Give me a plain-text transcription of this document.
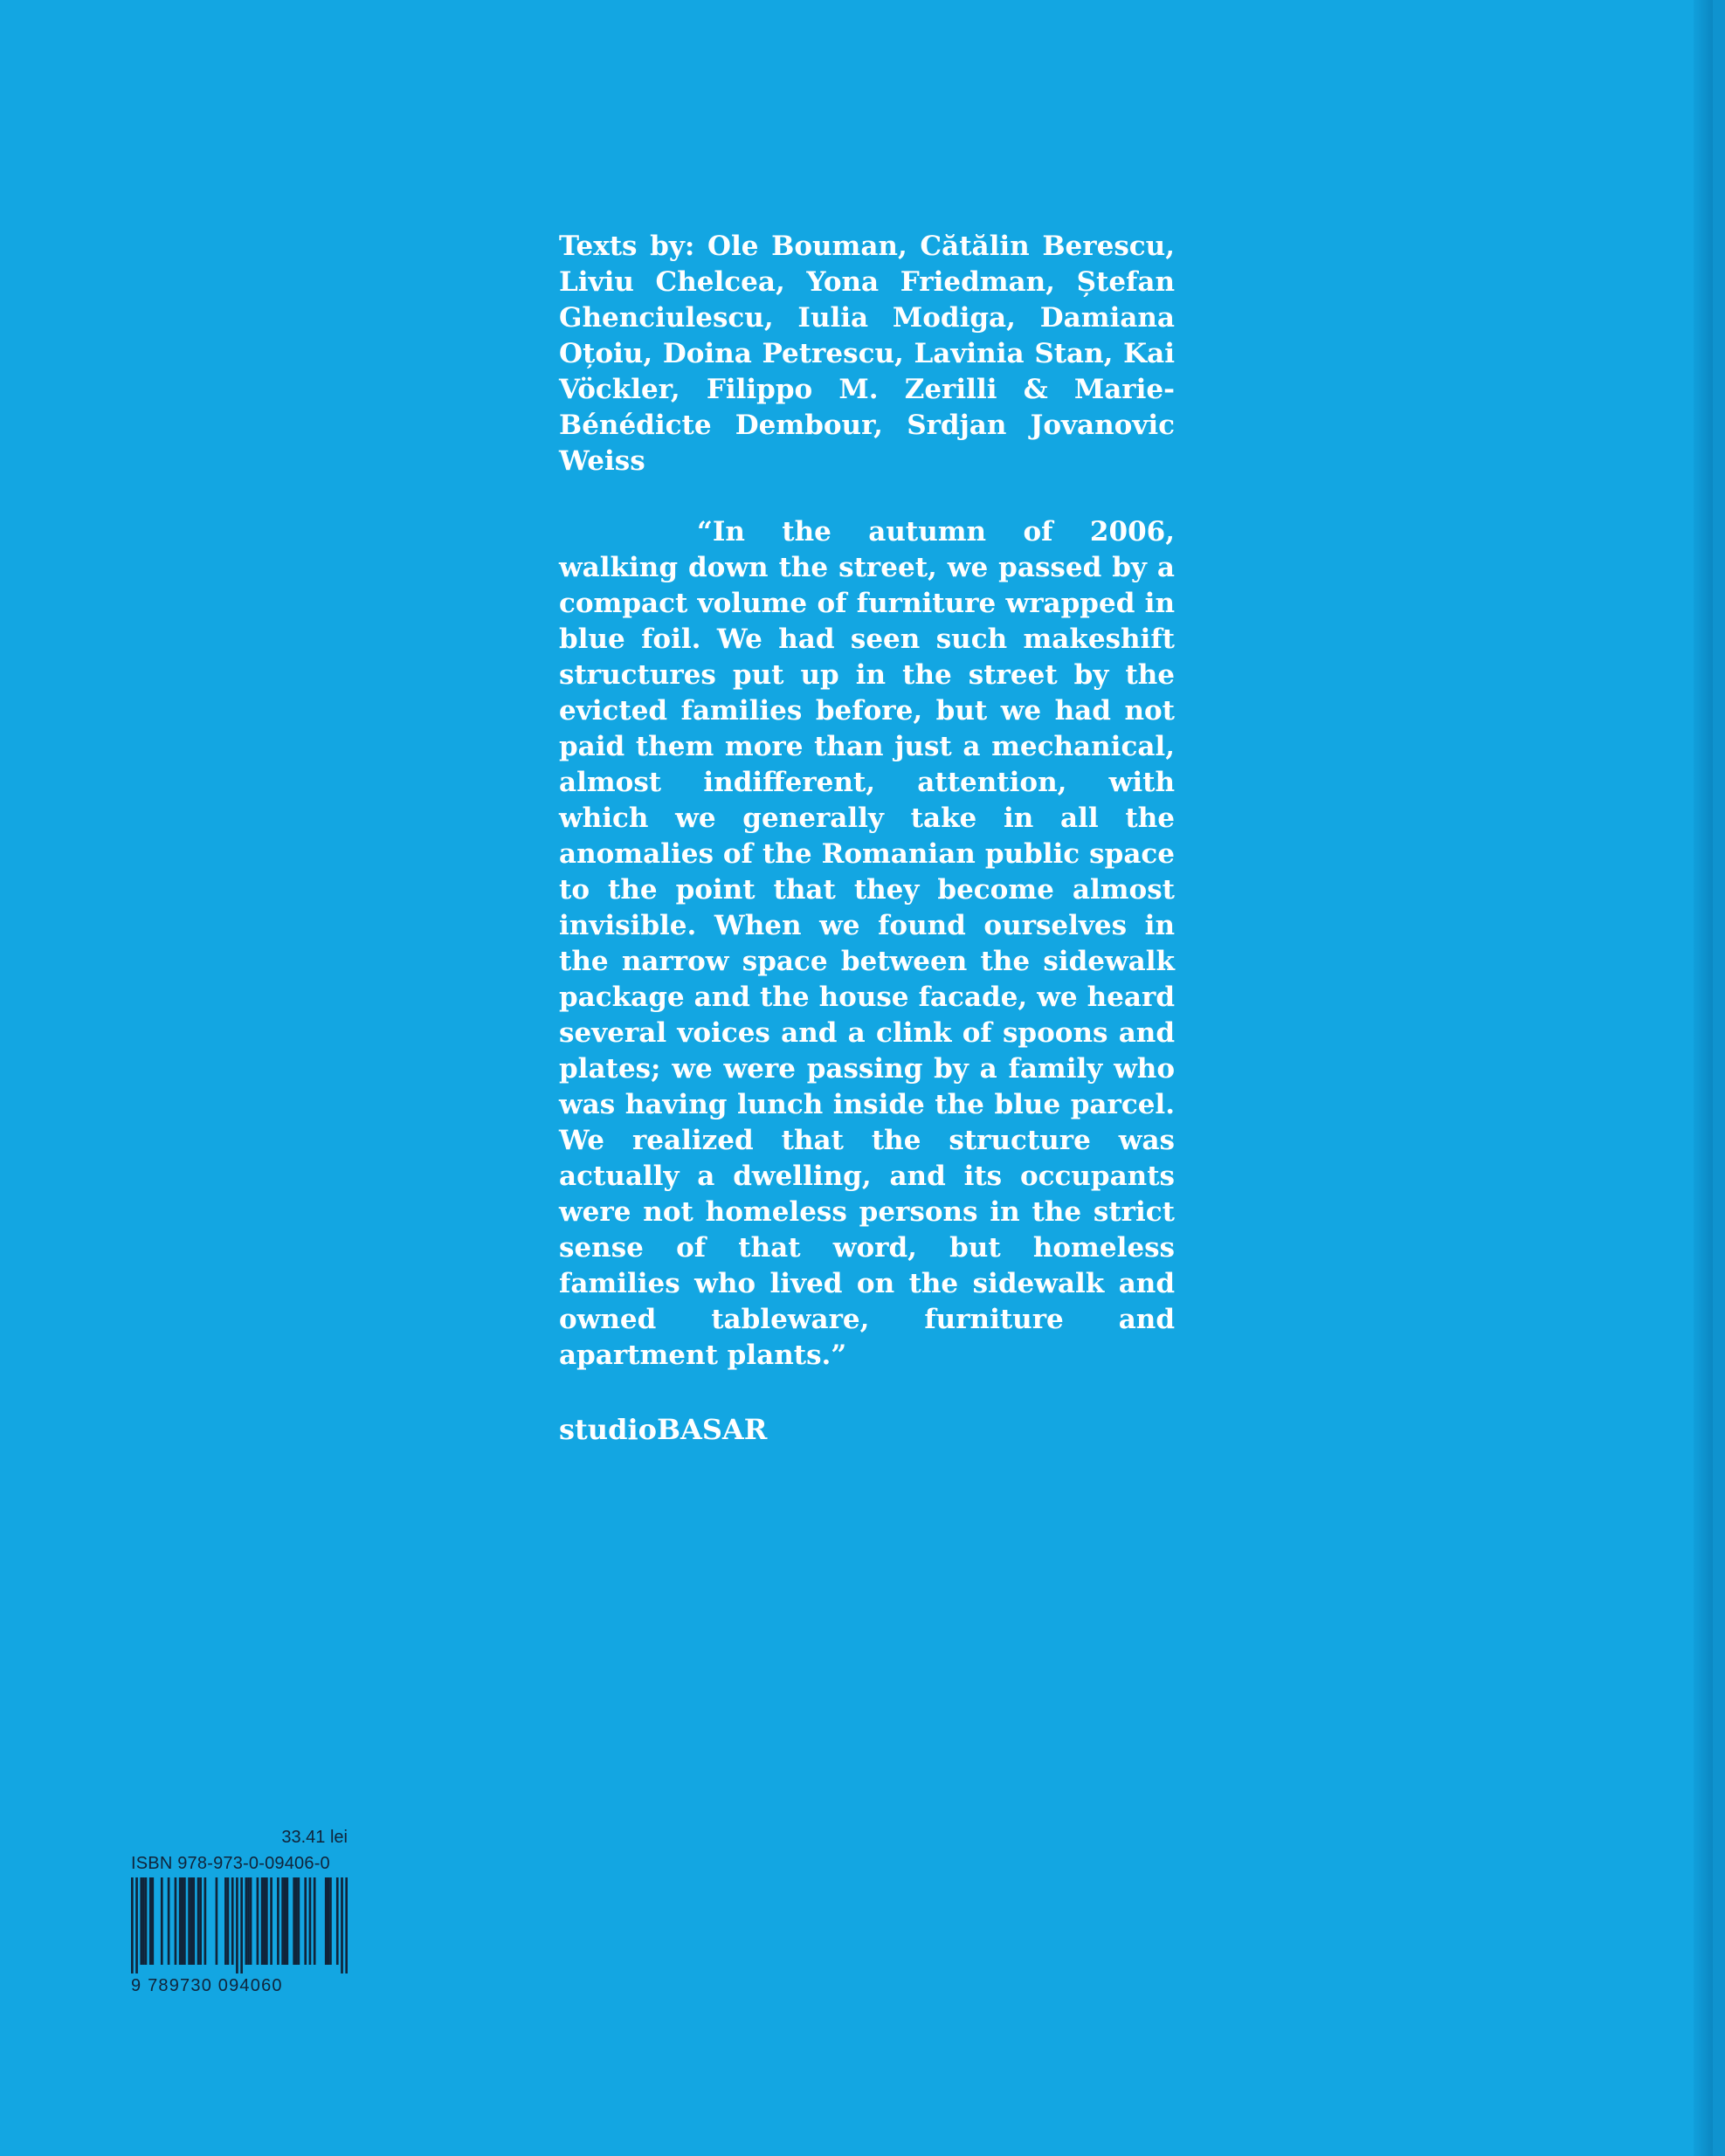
Texts by: Ole Bouman, Cătălin Berescu, Liviu Chelcea, Yona Friedman, Ștefan Ghenciulescu, Iulia Modiga, Damiana Oțoiu, Doina Petrescu, Lavinia Stan, Kai Vöckler, Filippo M. Zerilli & Marie-Bénédicte Dembour, Srdjan Jovanovic Weiss

“In the autumn of 2006, walking down the street, we passed by a compact volume of furniture wrapped in blue foil. We had seen such makeshift structures put up in the street by the evicted families before, but we had not paid them more than just a mechanical, almost indifferent, attention, with which we generally take in all the anomalies of the Romanian public space to the point that they become almost invisible. When we found ourselves in the narrow space between the sidewalk package and the house facade, we heard several voices and a clink of spoons and plates; we were passing by a family who was having lunch inside the blue parcel. We realized that the structure was actually a dwelling, and its occupants were not homeless persons in the strict sense of that word, but homeless families who lived on the sidewalk and owned tableware, furniture and apartment plants.”

studioBASAR

33.41 lei
ISBN 978-973-0-09406-0
9 789730 094060
